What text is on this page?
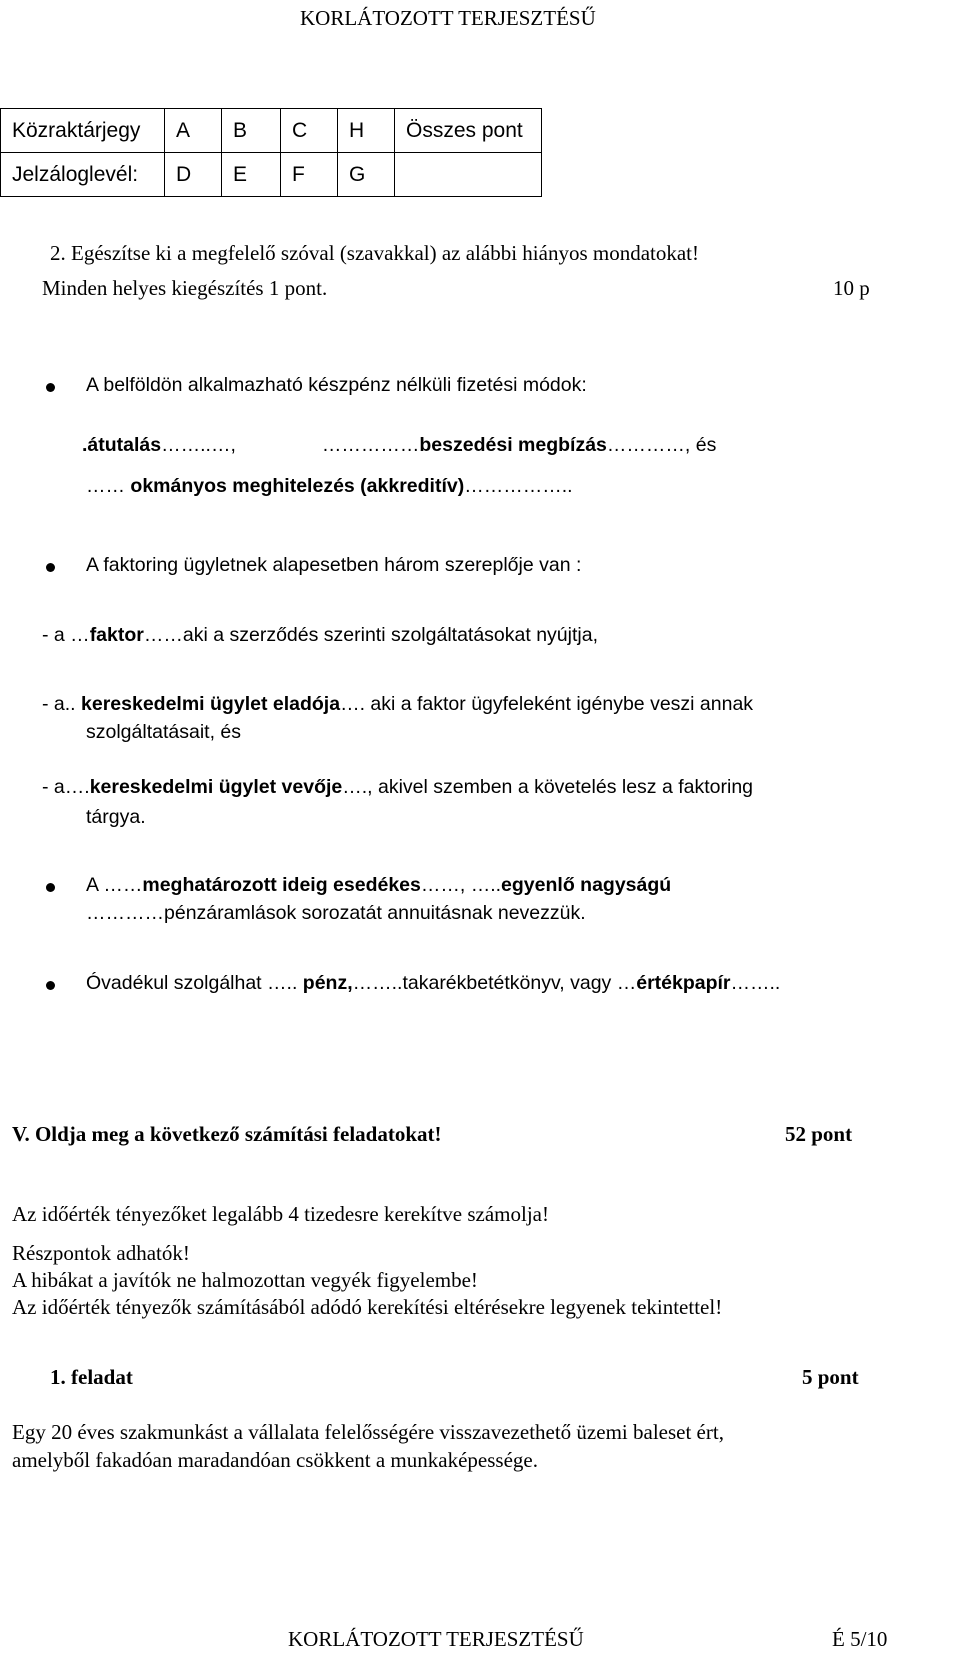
KORLÁTOZOTT TERJESZTÉSŰ
Közraktárjegy	A	B	C	H	Összes pont
Jelzáloglevél:	D	E	F	G	
2. Egészítse ki a megfelelő szóval (szavakkal) az alábbi hiányos mondatokat!
Minden helyes kiegészítés 1 pont.	10 p
A belföldön alkalmazható készpénz nélküli fizetési módok:
.átutalás……..…,	……………beszedési megbízás…………, és
…… okmányos meghitelezés (akkreditív)……………..
A faktoring ügyletnek alapesetben három szereplője van :
- a …faktor……aki a szerződés szerinti szolgáltatásokat nyújtja,
- a.. kereskedelmi ügylet eladója…. aki a faktor ügyfeleként igénybe veszi annak
szolgáltatásait, és
- a….kereskedelmi ügylet vevője…., akivel szemben a követelés lesz a faktoring
tárgya.
A ……meghatározott ideig esedékes……, …..egyenlő nagyságú
…………pénzáramlások sorozatát annuitásnak nevezzük.
Óvadékul szolgálhat ….. pénz,……..takarékbetétkönyv, vagy …értékpapír……..
V. Oldja meg a következő számítási feladatokat!	52 pont
Az időérték tényezőket legalább 4 tizedesre kerekítve számolja!
Részpontok adhatók!
A hibákat a javítók ne halmozottan vegyék figyelembe!
Az időérték tényezők számításából adódó kerekítési eltérésekre legyenek tekintettel!
1. feladat	5 pont
Egy 20 éves szakmunkást a vállalata felelősségére visszavezethető üzemi baleset ért,
amelyből fakadóan maradandóan csökkent a munkaképessége.
KORLÁTOZOTT TERJESZTÉSŰ	É 5/10
